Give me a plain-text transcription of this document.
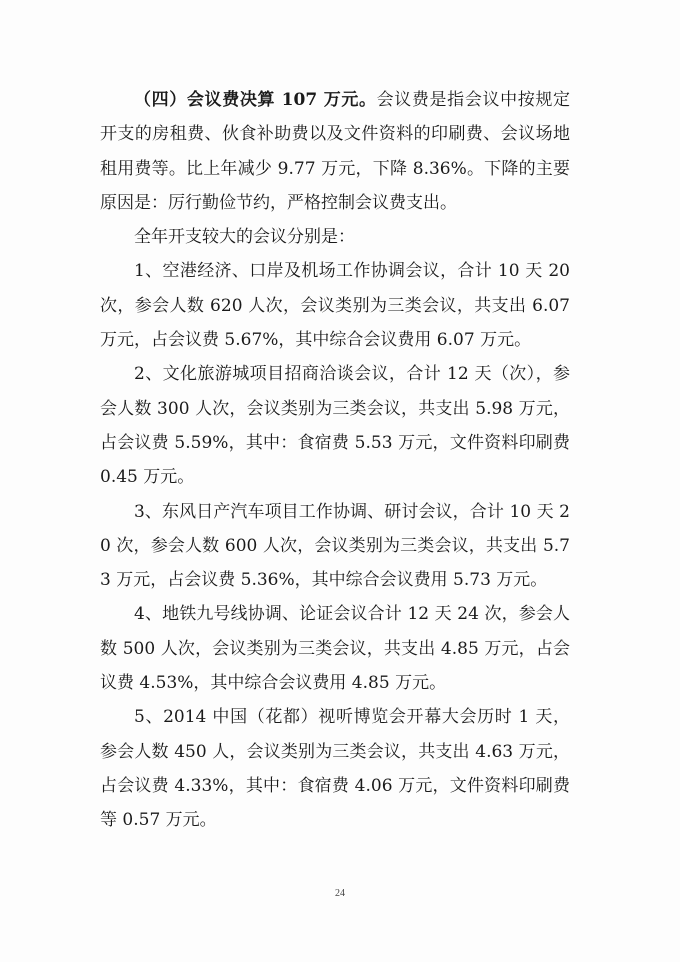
（四）会议费决算 107 万元。会议费是指会议中按规定开支的房租费、伙食补助费以及文件资料的印刷费、会议场地租用费等。比上年减少 9.77 万元，下降 8.36%。下降的主要原因是：厉行勤俭节约，严格控制会议费支出。

全年开支较大的会议分别是：

1、空港经济、口岸及机场工作协调会议，合计 10 天 20 次，参会人数 620 人次，会议类别为三类会议，共支出 6.07 万元，占会议费 5.67%，其中综合会议费用 6.07 万元。

2、文化旅游城项目招商洽谈会议，合计 12 天（次），参会人数 300 人次，会议类别为三类会议，共支出 5.98 万元，占会议费 5.59%，其中：食宿费 5.53 万元，文件资料印刷费 0.45 万元。

3、东风日产汽车项目工作协调、研讨会议，合计 10 天 20 次，参会人数 600 人次，会议类别为三类会议，共支出 5.73 万元，占会议费 5.36%，其中综合会议费用 5.73 万元。

4、地铁九号线协调、论证会议合计 12 天 24 次，参会人数 500 人次，会议类别为三类会议，共支出 4.85 万元，占会议费 4.53%，其中综合会议费用 4.85 万元。

5、2014 中国（花都）视听博览会开幕大会历时 1 天，参会人数 450 人，会议类别为三类会议，共支出 4.63 万元，占会议费 4.33%，其中：食宿费 4.06 万元，文件资料印刷费等 0.57 万元。

24
